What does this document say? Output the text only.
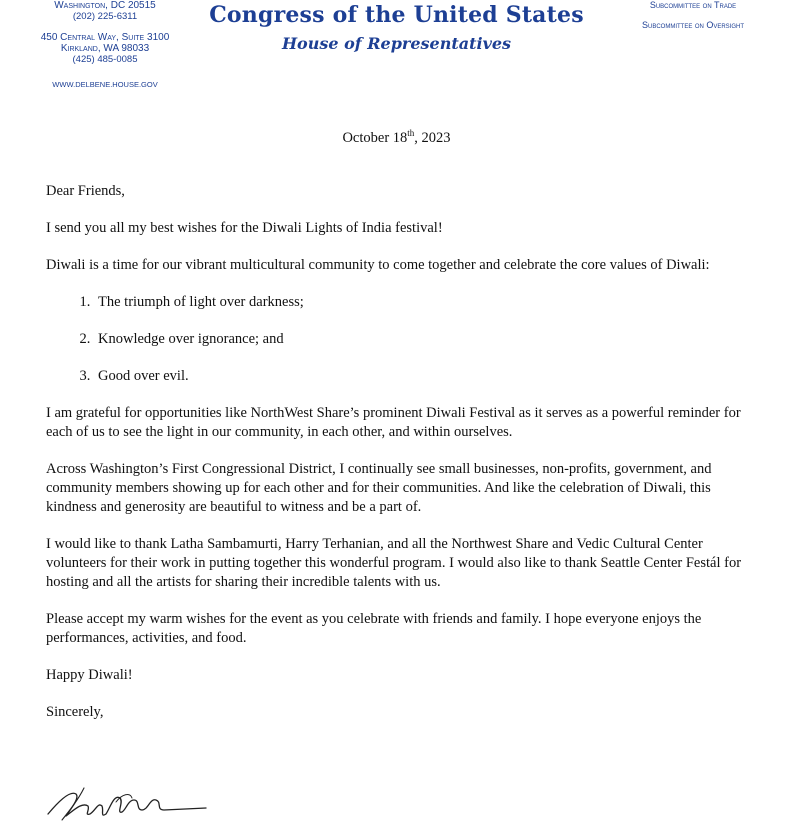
Washington, DC 20515
(202) 225-6311
450 Central Way, Suite 3100
Kirkland, WA 98033
(425) 485-0085
WWW.DELBENE.HOUSE.GOV
Congress of the United States
House of Representatives
Subcommittee on Trade
Subcommittee on Oversight
October 18th, 2023

Dear Friends,

I send you all my best wishes for the Diwali Lights of India festival!

Diwali is a time for our vibrant multicultural community to come together and celebrate the core values of Diwali:

1. The triumph of light over darkness;
2. Knowledge over ignorance; and
3. Good over evil.

I am grateful for opportunities like NorthWest Share’s prominent Diwali Festival as it serves as a powerful reminder for each of us to see the light in our community, in each other, and within ourselves.

Across Washington’s First Congressional District, I continually see small businesses, non-profits, government, and community members showing up for each other and for their communities. And like the celebration of Diwali, this kindness and generosity are beautiful to witness and be a part of.

I would like to thank Latha Sambamurti, Harry Terhanian, and all the Northwest Share and Vedic Cultural Center volunteers for their work in putting together this wonderful program. I would also like to thank Seattle Center Festál for hosting and all the artists for sharing their incredible talents with us.

Please accept my warm wishes for the event as you celebrate with friends and family. I hope everyone enjoys the performances, activities, and food.

Happy Diwali!

Sincerely,
